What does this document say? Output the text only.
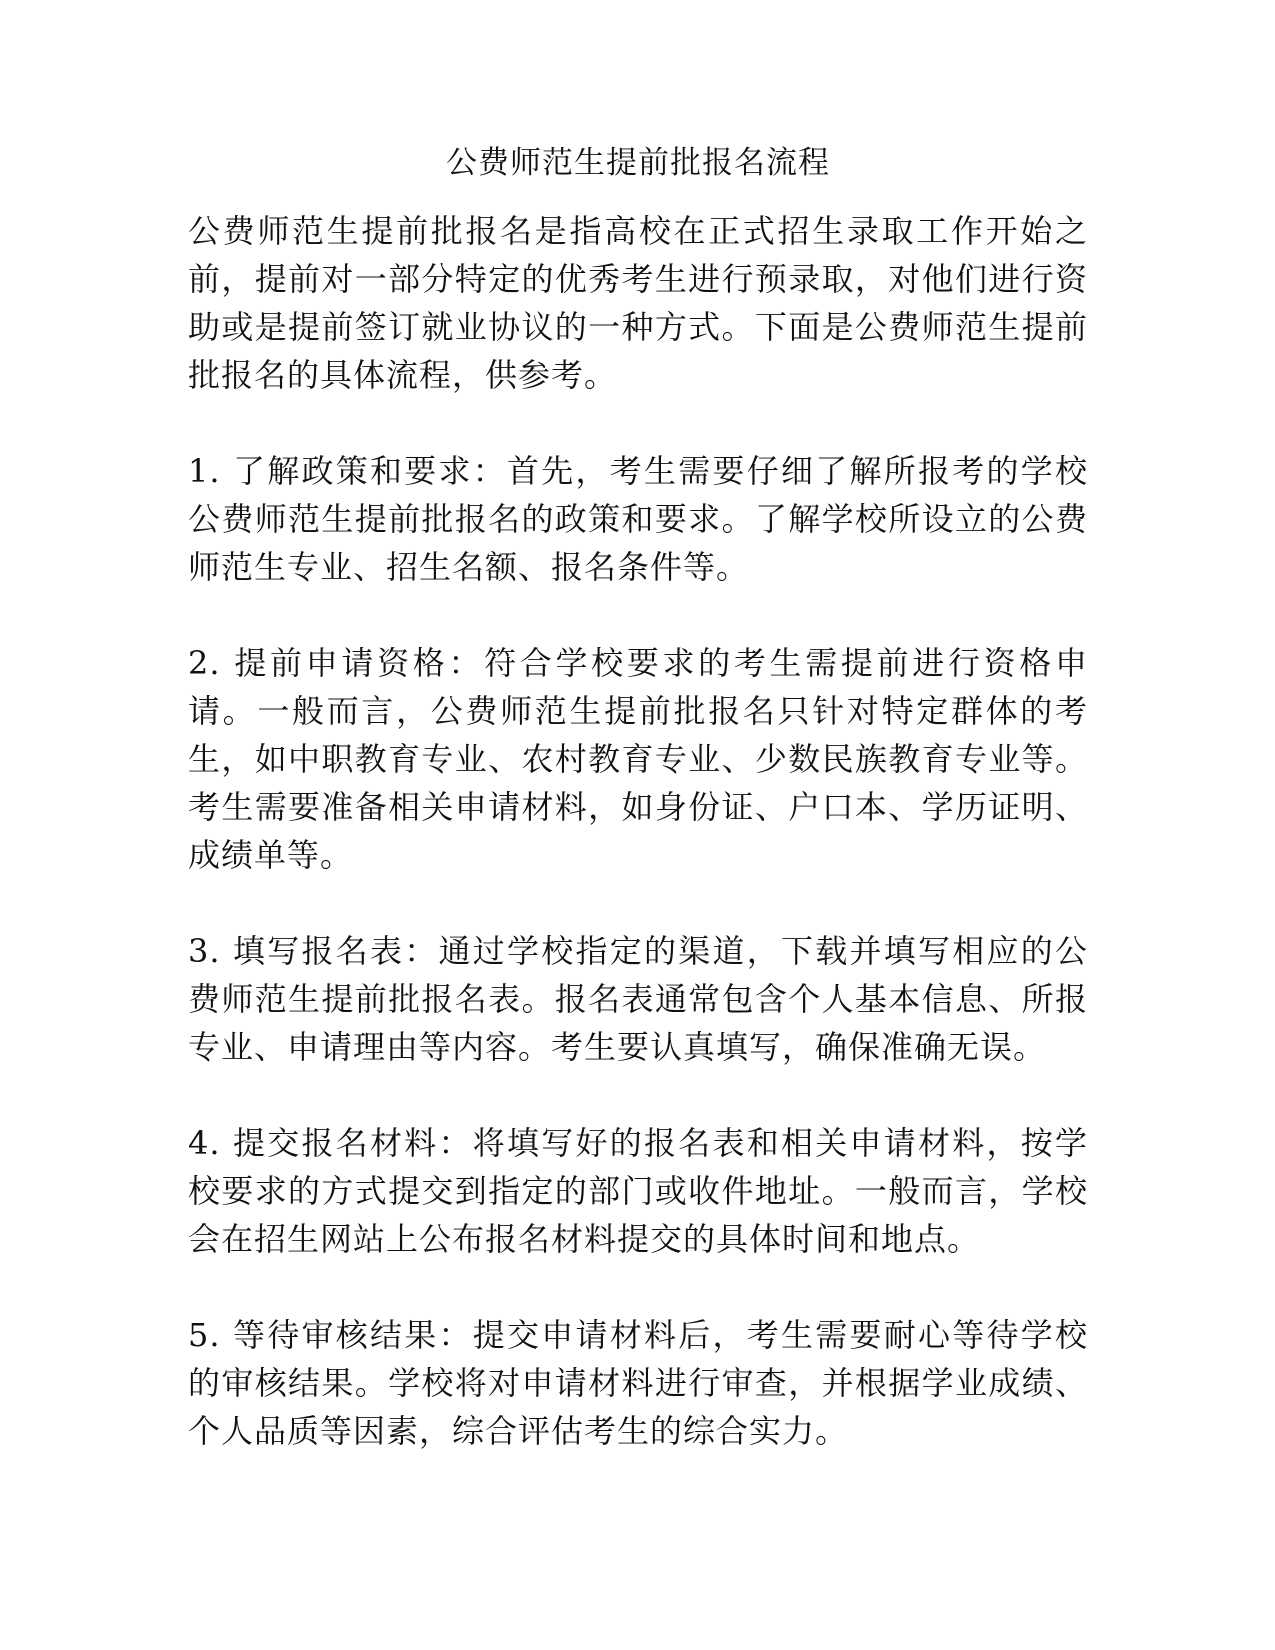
公费师范生提前批报名流程

公费师范生提前批报名是指高校在正式招生录取工作开始之前，提前对一部分特定的优秀考生进行预录取，对他们进行资助或是提前签订就业协议的一种方式。下面是公费师范生提前批报名的具体流程，供参考。

1. 了解政策和要求：首先，考生需要仔细了解所报考的学校公费师范生提前批报名的政策和要求。了解学校所设立的公费师范生专业、招生名额、报名条件等。

2. 提前申请资格：符合学校要求的考生需提前进行资格申请。一般而言，公费师范生提前批报名只针对特定群体的考生，如中职教育专业、农村教育专业、少数民族教育专业等。考生需要准备相关申请材料，如身份证、户口本、学历证明、成绩单等。

3. 填写报名表：通过学校指定的渠道，下载并填写相应的公费师范生提前批报名表。报名表通常包含个人基本信息、所报专业、申请理由等内容。考生要认真填写，确保准确无误。

4. 提交报名材料：将填写好的报名表和相关申请材料，按学校要求的方式提交到指定的部门或收件地址。一般而言，学校会在招生网站上公布报名材料提交的具体时间和地点。

5. 等待审核结果：提交申请材料后，考生需要耐心等待学校的审核结果。学校将对申请材料进行审查，并根据学业成绩、个人品质等因素，综合评估考生的综合实力。
